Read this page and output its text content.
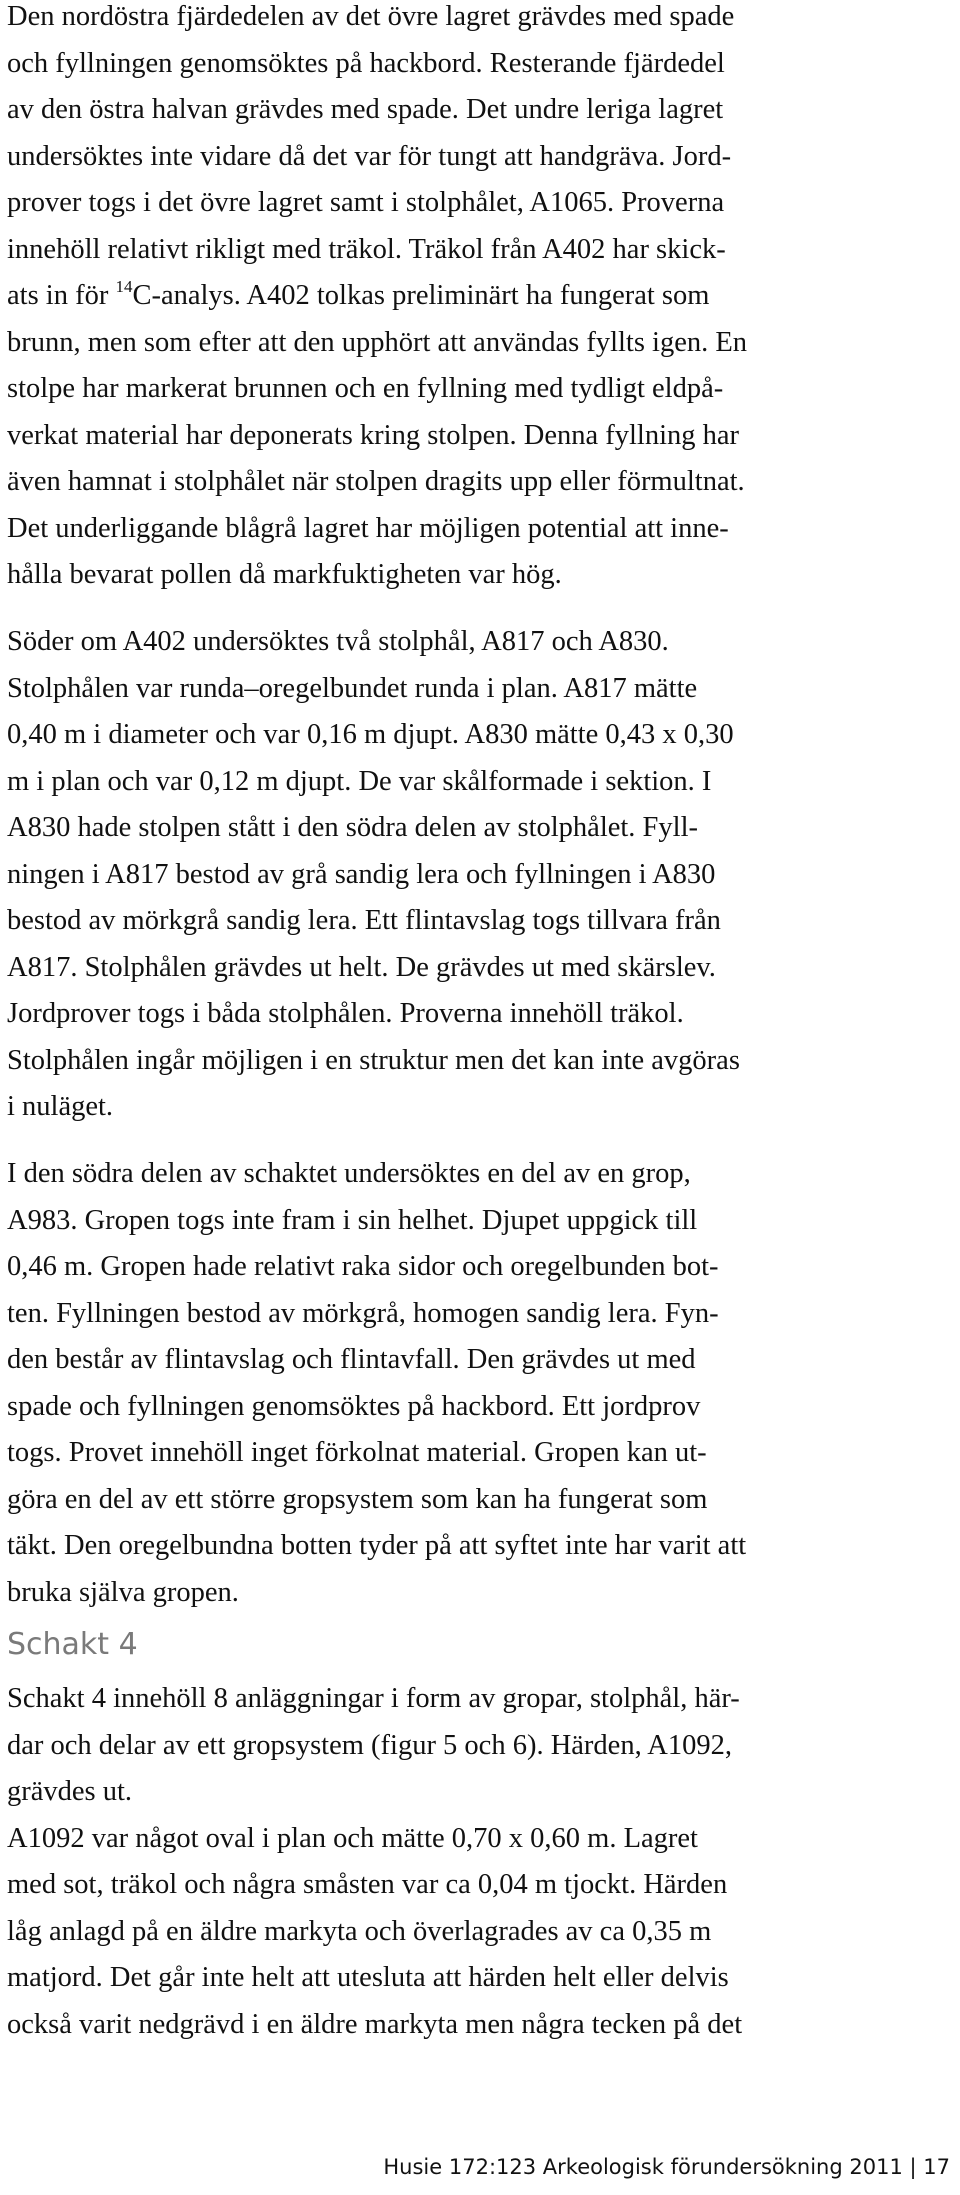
Den nordöstra fjärdedelen av det övre lagret grävdes med spade
och fyllningen genomsöktes på hackbord. Resterande fjärdedel
av den östra halvan grävdes med spade. Det undre leriga lagret
undersöktes inte vidare då det var för tungt att handgräva. Jord-
prover togs i det övre lagret samt i stolphålet, A1065. Proverna
innehöll relativt rikligt med träkol. Träkol från A402 har skick-
ats in för $^{14}$C-analys. A402 tolkas preliminärt ha fungerat som
brunn, men som efter att den upphört att användas fyllts igen. En
stolpe har markerat brunnen och en fyllning med tydligt eldpå-
verkat material har deponerats kring stolpen. Denna fyllning har
även hamnat i stolphålet när stolpen dragits upp eller förmultnat.
Det underliggande blågrå lagret har möjligen potential att inne-
hålla bevarat pollen då markfuktigheten var hög.
Söder om A402 undersöktes två stolphål, A817 och A830.
Stolphålen var runda–oregelbundet runda i plan. A817 mätte
0,40 m i diameter och var 0,16 m djupt. A830 mätte 0,43 x 0,30
m i plan och var 0,12 m djupt. De var skålformade i sektion. I
A830 hade stolpen stått i den södra delen av stolphålet. Fyll-
ningen i A817 bestod av grå sandig lera och fyllningen i A830
bestod av mörkgrå sandig lera. Ett flintavslag togs tillvara från
A817. Stolphålen grävdes ut helt. De grävdes ut med skärslev.
Jordprover togs i båda stolphålen. Proverna innehöll träkol.
Stolphålen ingår möjligen i en struktur men det kan inte avgöras
i nuläget.
I den södra delen av schaktet undersöktes en del av en grop,
A983. Gropen togs inte fram i sin helhet. Djupet uppgick till
0,46 m. Gropen hade relativt raka sidor och oregelbunden bot-
ten. Fyllningen bestod av mörkgrå, homogen sandig lera. Fyn-
den består av flintavslag och flintavfall. Den grävdes ut med
spade och fyllningen genomsöktes på hackbord. Ett jordprov
togs. Provet innehöll inget förkolnat material. Gropen kan ut-
göra en del av ett större gropsystem som kan ha fungerat som
täkt. Den oregelbundna botten tyder på att syftet inte har varit att
bruka själva gropen.
Schakt 4
Schakt 4 innehöll 8 anläggningar i form av gropar, stolphål, här-
dar och delar av ett gropsystem (figur 5 och 6). Härden, A1092,
grävdes ut.
A1092 var något oval i plan och mätte 0,70 x 0,60 m. Lagret
med sot, träkol och några småsten var ca 0,04 m tjockt. Härden
låg anlagd på en äldre markyta och överlagrades av ca 0,35 m
matjord. Det går inte helt att utesluta att härden helt eller delvis
också varit nedgrävd i en äldre markyta men några tecken på det
Husie 172:123 Arkeologisk förundersökning 2011 | 17
